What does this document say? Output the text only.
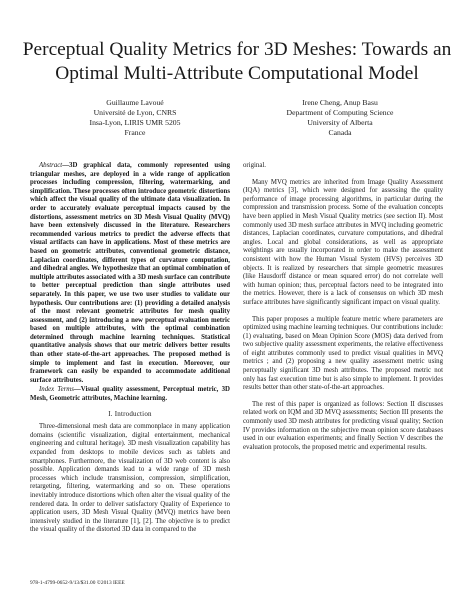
Perceptual Quality Metrics for 3D Meshes: Towards an Optimal Multi-Attribute Computational Model
Guillaume Lavoué
Université de Lyon, CNRS
Insa-Lyon, LIRIS UMR 5205
France
Irene Cheng, Anup Basu
Department of Computing Science
University of Alberta
Canada

Abstract—3D graphical data, commonly represented using triangular meshes, are deployed in a wide range of application processes including compression, filtering, watermarking, and simplification. These processes often introduce geometric distortions which affect the visual quality of the ultimate data visualization. In order to accurately evaluate perceptual impacts caused by the distortions, assessment metrics on 3D Mesh Visual Quality (MVQ) have been extensively discussed in the literature. Researchers recommended various metrics to predict the adverse effects that visual artifacts can have in applications. Most of these metrics are based on geometric attributes, conventional geometric distance, Laplacian coordinates, different types of curvature computation, and dihedral angles. We hypothesize that an optimal combination of multiple attributes associated with a 3D mesh surface can contribute to better perceptual prediction than single attributes used separately. In this paper, we use two user studies to validate our hypothesis. Our contributions are: (1) providing a detailed analysis of the most relevant geometric attributes for mesh quality assessment, and (2) introducing a new perceptual evaluation metric based on multiple attributes, with the optimal combination determined through machine learning techniques. Statistical quantitative analysis shows that our metric delivers better results than other state-of-the-art approaches. The proposed method is simple to implement and fast in execution. Moreover, our framework can easily be expanded to accommodate additional surface attributes.

Index Terms—Visual quality assessment, Perceptual metric, 3D Mesh, Geometric attributes, Machine learning.

I. Introduction

Three-dimensional mesh data are commonplace in many application domains (scientific visualization, digital entertainment, mechanical engineering and cultural heritage). 3D mesh visualization capability has expanded from desktops to mobile devices such as tablets and smartphones. Furthermore, the visualization of 3D web content is also possible. Application demands lead to a wide range of 3D mesh processes which include transmission, compression, simplification, retargeting, filtering, watermarking and so on. These operations inevitably introduce distortions which often alter the visual quality of the rendered data. In order to deliver satisfactory Quality of Experience to application users, 3D Mesh Visual Quality (MVQ) metrics have been intensively studied in the literature [1], [2]. The objective is to predict the visual quality of the distorted 3D data in compared to the

original.

Many MVQ metrics are inherited from Image Quality Assessment (IQA) metrics [3], which were designed for assessing the quality performance of image processing algorithms, in particular during the compression and transmission process. Some of the evaluation concepts have been applied in Mesh Visual Quality metrics (see section II). Most commonly used 3D mesh surface attributes in MVQ including geometric distances, Laplacian coordinates, curvature computations, and dihedral angles. Local and global considerations, as well as appropriate weightings are usually incorporated in order to make the assessment consistent with how the Human Visual System (HVS) perceives 3D objects. It is realized by researchers that simple geometric measures (like Hausdorff distance or mean squared error) do not correlate well with human opinion; thus, perceptual factors need to be integrated into the metrics. However, there is a lack of consensus on which 3D mesh surface attributes have significantly significant impact on visual quality.

This paper proposes a multiple feature metric where parameters are optimized using machine learning techniques. Our contributions include: (1) evaluating, based on Mean Opinion Score (MOS) data derived from two subjective quality assessment experiments, the relative effectiveness of eight attributes commonly used to predict visual qualities in MVQ metrics ; and (2) proposing a new quality assessment metric using perceptually significant 3D mesh attributes. The proposed metric not only has fast execution time but is also simple to implement. It provides results better than other state-of-the-art approaches.

The rest of this paper is organized as follows: Section II discusses related work on IQM and 3D MVQ assessments; Section III presents the commonly used 3D mesh attributes for predicting visual quality; Section IV provides information on the subjective mean opinion score databases used in our evaluation experiments; and finally Section V describes the evaluation protocols, the proposed metric and experimental results.

978-1-4799-0652-9/13/$31.00 ©2013 IEEE
